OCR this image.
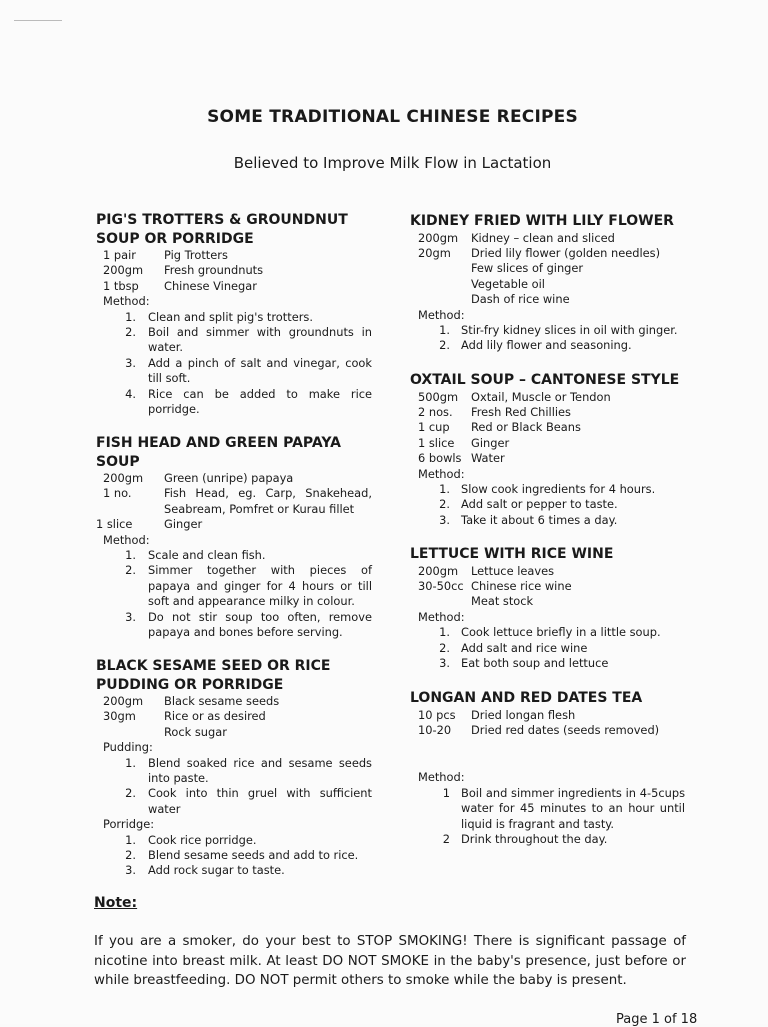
SOME TRADITIONAL CHINESE RECIPES
Believed to Improve Milk Flow in Lactation
PIG'S TROTTERS & GROUNDNUT
SOUP OR PORRIDGE
1 pair	Pig Trotters
200gm	Fresh groundnuts
1 tbsp	Chinese Vinegar
Method:
1.	Clean and split pig's trotters.
2.	Boil and simmer with groundnuts in water.
3.	Add a pinch of salt and vinegar, cook till soft.
4.	Rice can be added to make rice porridge.
FISH HEAD AND GREEN PAPAYA
SOUP
200gm	Green (unripe) papaya
1 no.	Fish Head, eg. Carp, Snakehead, Seabream, Pomfret or Kurau fillet
1 slice	Ginger
Method:
1.	Scale and clean fish.
2.	Simmer together with pieces of papaya and ginger for 4 hours or till soft and appearance milky in colour.
3.	Do not stir soup too often, remove papaya and bones before serving.
BLACK SESAME SEED OR RICE
PUDDING OR PORRIDGE
200gm	Black sesame seeds
30gm	Rice or as desired
Rock sugar
Pudding:
1.	Blend soaked rice and sesame seeds into paste.
2.	Cook into thin gruel with sufficient water
Porridge:
1.	Cook rice porridge.
2.	Blend sesame seeds and add to rice.
3.	Add rock sugar to taste.
KIDNEY FRIED WITH LILY FLOWER
200gm	Kidney – clean and sliced
20gm	Dried lily flower (golden needles)
Few slices of ginger
Vegetable oil
Dash of rice wine
Method:
1. Stir-fry kidney slices in oil with ginger.
2. Add lily flower and seasoning.
OXTAIL SOUP – CANTONESE STYLE
500gm	Oxtail, Muscle or Tendon
2 nos.	Fresh Red Chillies
1 cup	Red or Black Beans
1 slice	Ginger
6 bowls Water
Method:
1. Slow cook ingredients for 4 hours.
2. Add salt or pepper to taste.
3. Take it about 6 times a day.
LETTUCE WITH RICE WINE
200gm	Lettuce leaves
30-50cc Chinese rice wine
Meat stock
Method:
1. Cook lettuce briefly in a little soup.
2. Add salt and rice wine
3. Eat both soup and lettuce
LONGAN AND RED DATES TEA
10 pcs	Dried longan flesh
10-20	Dried red dates (seeds removed)
Method:
1 Boil and simmer ingredients in 4-5cups water for 45 minutes to an hour until liquid is fragrant and tasty.
2 Drink throughout the day.
Note:
If you are a smoker, do your best to STOP SMOKING! There is significant passage of nicotine into breast milk. At least DO NOT SMOKE in the baby's presence, just before or while breastfeeding. DO NOT permit others to smoke while the baby is present.
Page 1 of 18
